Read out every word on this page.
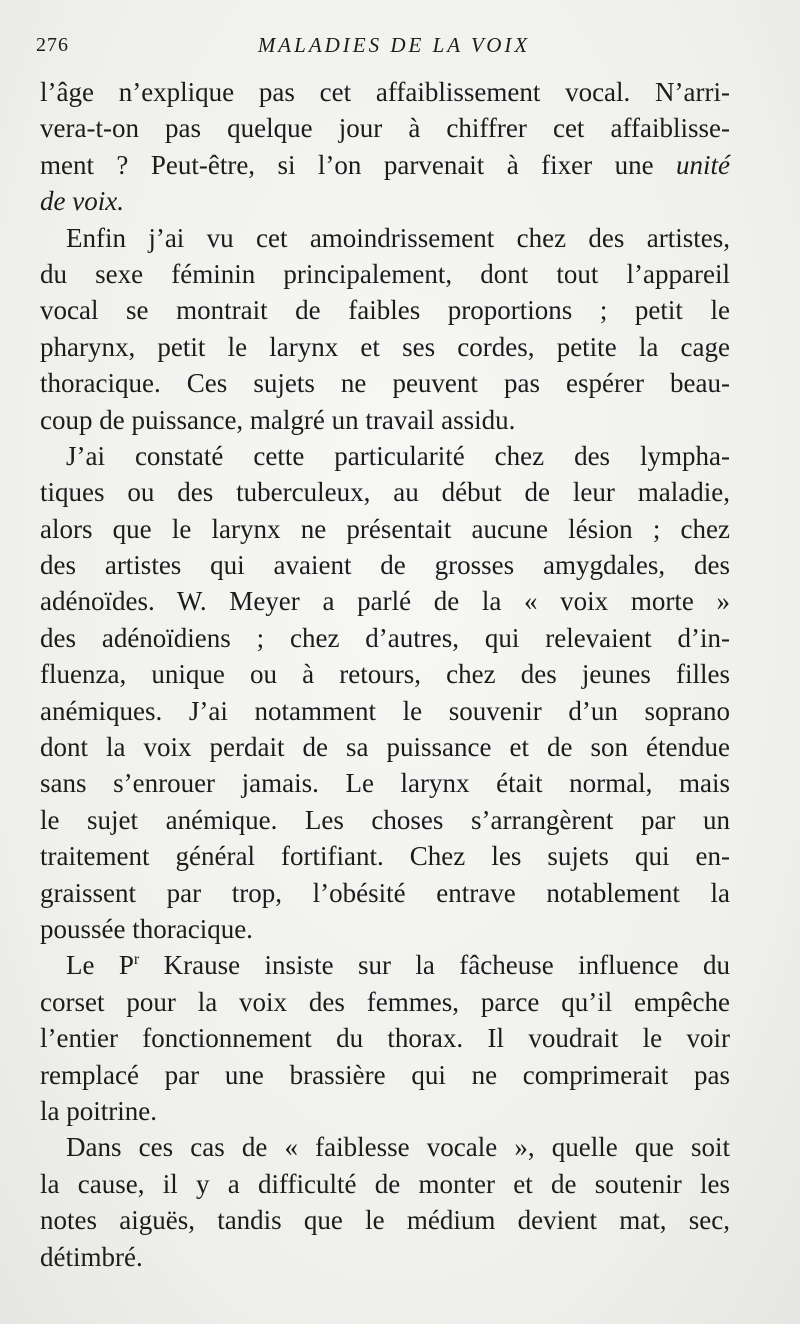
276	MALADIES DE LA VOIX
l’âge n’explique pas cet affaiblissement vocal. N’arri-
vera-t-on pas quelque jour à chiffrer cet affaiblisse-
ment ? Peut-être, si l’on parvenait à fixer une unité
de voix.
Enfin j’ai vu cet amoindrissement chez des artistes,
du sexe féminin principalement, dont tout l’appareil
vocal se montrait de faibles proportions ; petit le
pharynx, petit le larynx et ses cordes, petite la cage
thoracique. Ces sujets ne peuvent pas espérer beau-
coup de puissance, malgré un travail assidu.
J’ai constaté cette particularité chez des lympha-
tiques ou des tuberculeux, au début de leur maladie,
alors que le larynx ne présentait aucune lésion ; chez
des artistes qui avaient de grosses amygdales, des
adénoïdes. W. Meyer a parlé de la « voix morte »
des adénoïdiens ; chez d’autres, qui relevaient d’in-
fluenza, unique ou à retours, chez des jeunes filles
anémiques. J’ai notamment le souvenir d’un soprano
dont la voix perdait de sa puissance et de son étendue
sans s’enrouer jamais. Le larynx était normal, mais
le sujet anémique. Les choses s’arrangèrent par un
traitement général fortifiant. Chez les sujets qui en-
graissent par trop, l’obésité entrave notablement la
poussée thoracique.
Le $P^r$ Krause insiste sur la fâcheuse influence du
corset pour la voix des femmes, parce qu’il empêche
l’entier fonctionnement du thorax. Il voudrait le voir
remplacé par une brassière qui ne comprimerait pas
la poitrine.
Dans ces cas de « faiblesse vocale », quelle que soit
la cause, il y a difficulté de monter et de soutenir les
notes aiguës, tandis que le médium devient mat, sec,
détimbré.
